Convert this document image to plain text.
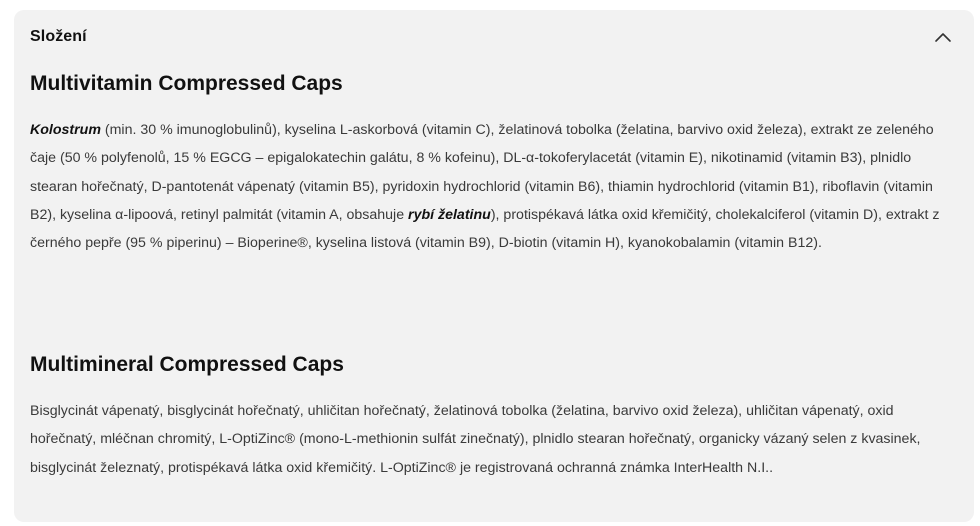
Složení
Multivitamin Compressed Caps

Kolostrum (min. 30 % imunoglobulinů), kyselina L-askorbová (vitamin C), želatinová tobolka (želatina, barvivo oxid železa), extrakt ze zeleného čaje (50 % polyfenolů, 15 % EGCG – epigalokatechin galátu, 8 % kofeinu), DL-α-tokoferylacetát (vitamin E), nikotinamid (vitamin B3), plnidlo stearan hořečnatý, D-pantotenát vápenatý (vitamin B5), pyridoxin hydrochlorid (vitamin B6), thiamin hydrochlorid (vitamin B1), riboflavin (vitamin B2), kyselina α-lipoová, retinyl palmitát (vitamin A, obsahuje rybí želatinu), protispékavá látka oxid křemičitý, cholekalciferol (vitamin D), extrakt z černého pepře (95 % piperinu) – Bioperine®, kyselina listová (vitamin B9), D-biotin (vitamin H), kyanokobalamin (vitamin B12).

Multimineral Compressed Caps

Bisglycinát vápenatý, bisglycinát hořečnatý, uhličitan hořečnatý, želatinová tobolka (želatina, barvivo oxid železa), uhličitan vápenatý, oxid hořečnatý, mléčnan chromitý, L-OptiZinc® (mono-L-methionin sulfát zinečnatý), plnidlo stearan hořečnatý, organicky vázaný selen z kvasinek, bisglycinát železnatý, protispékavá látka oxid křemičitý. L-OptiZinc® je registrovaná ochranná známka InterHealth N.I..
